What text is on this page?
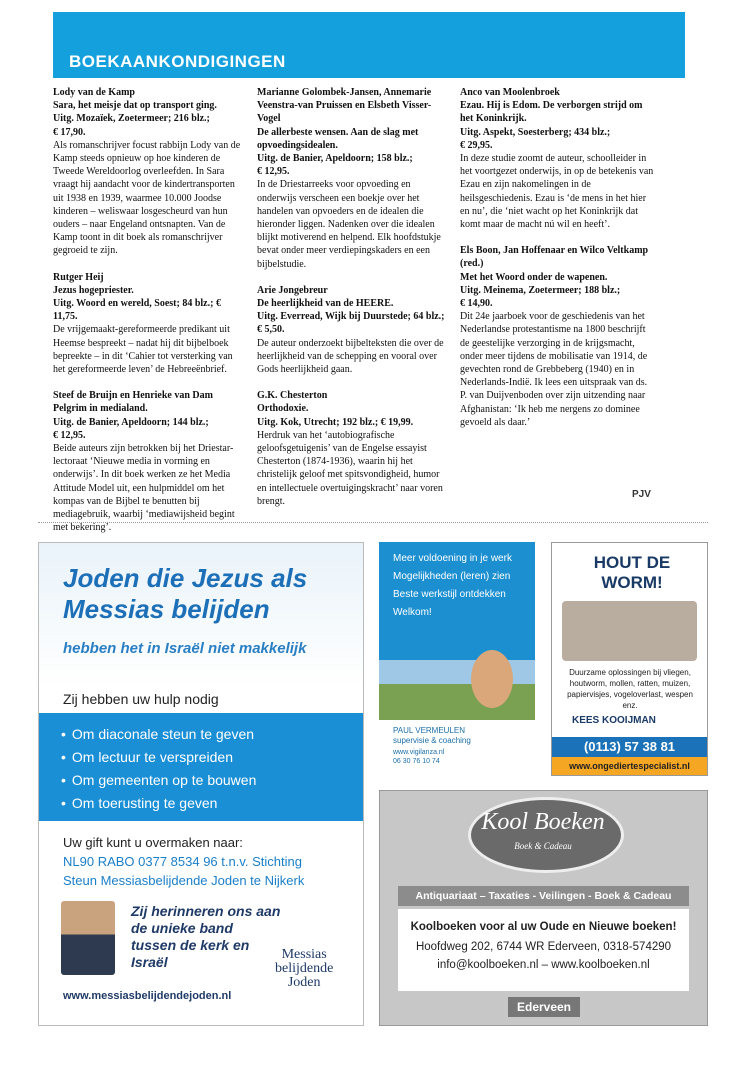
BOEKAANKONDIGINGEN

Lody van de Kamp
Sara, het meisje dat op transport ging.
Uitg. Mozaïek, Zoetermeer; 216 blz.;
€ 17,90.
Als romanschrijver focust rabbijn Lody van de Kamp steeds opnieuw op hoe kinderen de Tweede Wereldoorlog overleefden. In Sara vraagt hij aandacht voor de kindertransporten uit 1938 en 1939, waarmee 10.000 Joodse kinderen – weliswaar losgescheurd van hun ouders – naar Engeland ontsnapten. Van de Kamp toont in dit boek als romanschrijver gegroeid te zijn.

Rutger Heij
Jezus hogepriester.
Uitg. Woord en wereld, Soest; 84 blz.; € 11,75.
De vrijgemaakt-gereformeerde predikant uit Heemse bespreekt – nadat hij dit bijbelboek bepreekte – in dit ‘Cahier tot versterking van het gereformeerde leven’ de Hebreeënbrief.

Steef de Bruijn en Henrieke van Dam
Pelgrim in medialand.
Uitg. de Banier, Apeldoorn; 144 blz.;
€ 12,95.
Beide auteurs zijn betrokken bij het Driestar-lectoraat ‘Nieuwe media in vorming en onderwijs’. In dit boek werken ze het Media Attitude Model uit, een hulpmiddel om het kompas van de Bijbel te benutten bij mediagebruik, waarbij ‘mediawijsheid begint met bekering’.

Marianne Golombek-Jansen, Annemarie Veenstra-van Pruissen en Elsbeth Visser-Vogel
De allerbeste wensen. Aan de slag met opvoedingsidealen.
Uitg. de Banier, Apeldoorn; 158 blz.;
€ 12,95.
In de Driestarreeks voor opvoeding en onderwijs verscheen een boekje over het handelen van opvoeders en de idealen die hieronder liggen. Nadenken over die idealen blijkt motiverend en helpend. Elk hoofdstukje bevat onder meer verdiepingskaders en een bijbelstudie.

Arie Jongebreur
De heerlijkheid van de HEERE.
Uitg. Everread, Wijk bij Duurstede; 64 blz.;
€ 5,50.
De auteur onderzoekt bijbelteksten die over de heerlijkheid van de schepping en vooral over Gods heerlijkheid gaan.

G.K. Chesterton
Orthodoxie.
Uitg. Kok, Utrecht; 192 blz.; € 19,99.
Herdruk van het ‘autobiografische geloofsgetuigenis’ van de Engelse essayist Chesterton (1874-1936), waarin hij het christelijk geloof met spitsvondigheid, humor en intellectuele overtuigingskracht’ naar voren brengt.

Anco van Moolenbroek
Ezau. Hij is Edom. De verborgen strijd om het Koninkrijk.
Uitg. Aspekt, Soesterberg; 434 blz.;
€ 29,95.
In deze studie zoomt de auteur, schoolleider in het voortgezet onderwijs, in op de betekenis van Ezau en zijn nakomelingen in de heilsgeschiedenis. Ezau is ‘de mens in het hier en nu’, die ‘niet wacht op het Koninkrijk dat komt maar de macht nú wil en heeft’.

Els Boon, Jan Hoffenaar en Wilco Veltkamp (red.)
Met het Woord onder de wapenen.
Uitg. Meinema, Zoetermeer; 188 blz.;
€ 14,90.
Dit 24e jaarboek voor de geschiedenis van het Nederlandse protestantisme na 1800 beschrijft de geestelijke verzorging in de krijgsmacht, onder meer tijdens de mobilisatie van 1914, de gevechten rond de Grebbeberg (1940) en in Nederlands-Indië. Ik lees een uitspraak van ds. P. van Duijvenboden over zijn uitzending naar Afghanistan: ‘Ik heb me nergens zo dominee gevoeld als daar.’

PJV
Joden die Jezus als Messias belijden
hebben het in Israël niet makkelijk
Zij hebben uw hulp nodig
• Om diaconale steun te geven
• Om lectuur te verspreiden
• Om gemeenten op te bouwen
• Om toerusting te geven
Uw gift kunt u overmaken naar:
NL90 RABO 0377 8534 96 t.n.v. Stichting
Steun Messiasbelijdende Joden te Nijkerk
Zij herinneren ons aan de unieke band tussen de kerk en Israël	Messias
belijdende
Joden
www.messiasbelijdendejoden.nl
Meer voldoening in je werk
Mogelijkheden (leren) zien
Beste werkstijl ontdekken
Welkom!
PAUL VERMEULEN
supervisie & coaching
www.vigilanza.nl
06 30 76 10 74
HOUT DE WORM!
Duurzame oplossingen bij vliegen, houtworm, mollen, ratten, muizen, papiervisjes, vogeloverlast, wespen enz.
KEES KOOIJMAN
(0113) 57 38 81
www.ongediertespecialist.nl
Kool Boeken
Boek & Cadeau
Antiquariaat – Taxaties - Veilingen - Boek & Cadeau
Koolboeken voor al uw Oude en Nieuwe boeken!
Hoofdweg 202, 6744 WR Ederveen, 0318-574290
info@koolboeken.nl – www.koolboeken.nl
Ederveen
